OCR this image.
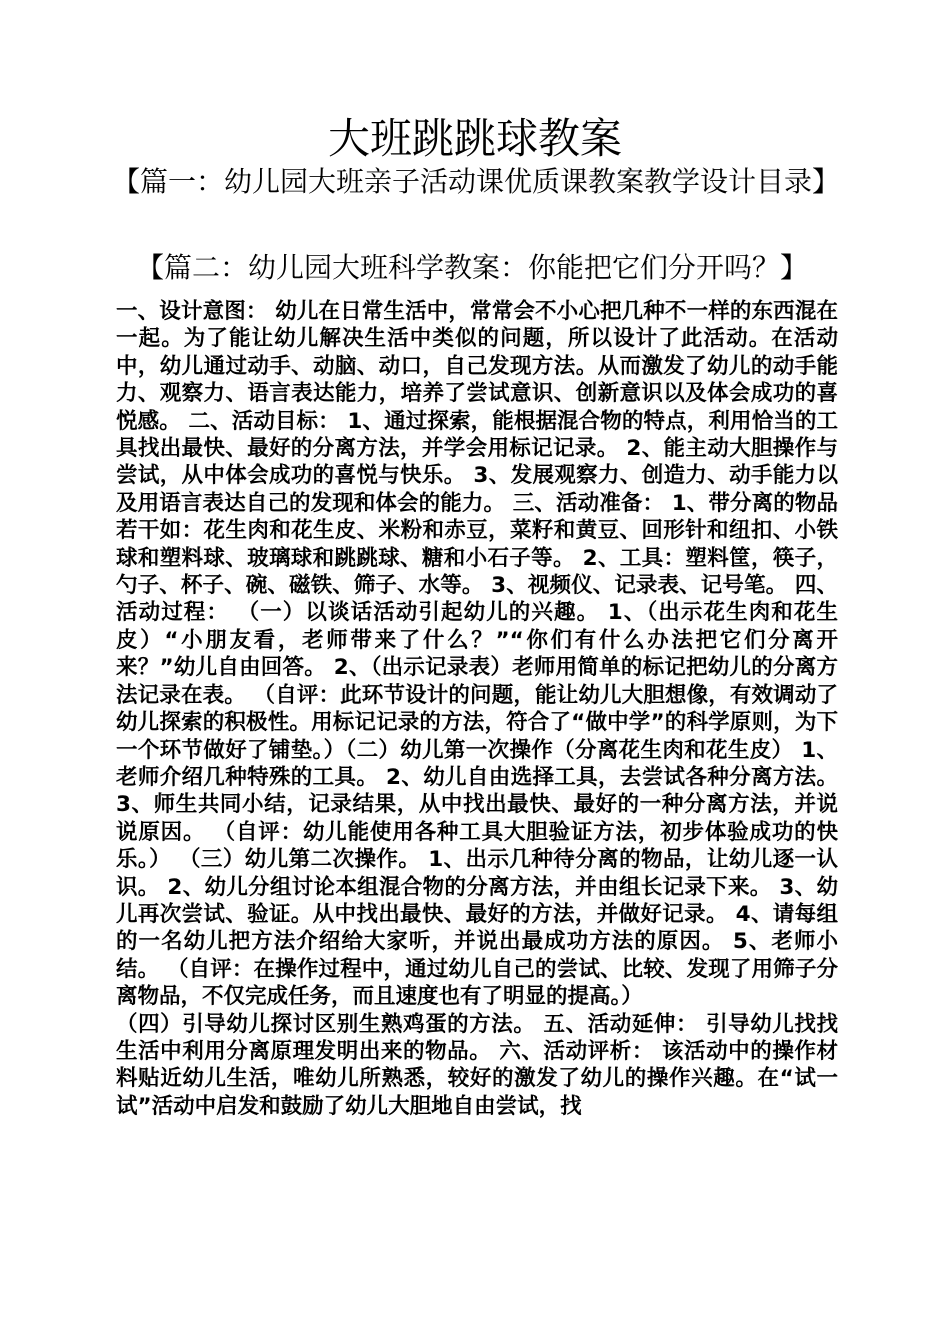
大班跳跳球教案
【篇一：幼儿园大班亲子活动课优质课教案教学设计目录】
【篇二：幼儿园大班科学教案：你能把它们分开吗？】
一、设计意图： 幼儿在日常生活中，常常会不小心把几种不一样的东西混在一起。为了能让幼儿解决生活中类似的问题，所以设计了此活动。在活动中，幼儿通过动手、动脑、动口，自己发现方法。从而激发了幼儿的动手能力、观察力、语言表达能力，培养了尝试意识、创新意识以及体会成功的喜悦感。 二、活动目标： 1、通过探索，能根据混合物的特点，利用恰当的工具找出最快、最好的分离方法，并学会用标记记录。 2、能主动大胆操作与尝试，从中体会成功的喜悦与快乐。 3、发展观察力、创造力、动手能力以及用语言表达自己的发现和体会的能力。 三、活动准备： 1、带分离的物品若干如：花生肉和花生皮、米粉和赤豆，菜籽和黄豆、回形针和纽扣、小铁球和塑料球、玻璃球和跳跳球、糖和小石子等。 2、工具：塑料筐，筷子，勺子、杯子、碗、磁铁、筛子、水等。 3、视频仪、记录表、记号笔。 四、活动过程： （一）以谈话活动引起幼儿的兴趣。 1、（出示花生肉和花生皮）“小朋友看，老师带来了什么？”“你们有什么办法把它们分离开来？”幼儿自由回答。 2、（出示记录表）老师用简单的标记把幼儿的分离方法记录在表。 （自评：此环节设计的问题，能让幼儿大胆想像，有效调动了幼儿探索的积极性。用标记记录的方法，符合了“做中学”的科学原则，为下一个环节做好了铺垫。）（二）幼儿第一次操作（分离花生肉和花生皮） 1、老师介绍几种特殊的工具。 2、幼儿自由选择工具，去尝试各种分离方法。 3、师生共同小结，记录结果，从中找出最快、最好的一种分离方法，并说说原因。 （自评：幼儿能使用各种工具大胆验证方法，初步体验成功的快乐。） （三）幼儿第二次操作。 1、出示几种待分离的物品，让幼儿逐一认识。 2、幼儿分组讨论本组混合物的分离方法，并由组长记录下来。 3、幼儿再次尝试、验证。从中找出最快、最好的方法，并做好记录。 4、请每组的一名幼儿把方法介绍给大家听，并说出最成功方法的原因。 5、老师小结。 （自评：在操作过程中，通过幼儿自己的尝试、比较、发现了用筛子分离物品，不仅完成任务，而且速度也有了明显的提高。）
（四）引导幼儿探讨区别生熟鸡蛋的方法。 五、活动延伸： 引导幼儿找找生活中利用分离原理发明出来的物品。 六、活动评析： 该活动中的操作材料贴近幼儿生活，唯幼儿所熟悉，较好的激发了幼儿的操作兴趣。在“试一试”活动中启发和鼓励了幼儿大胆地自由尝试，找
